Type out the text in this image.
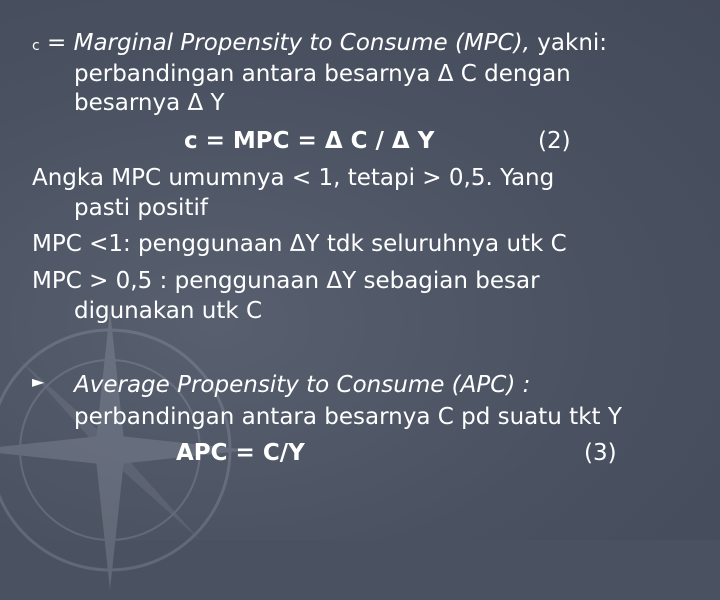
c = Marginal Propensity to Consume (MPC), yakni:
perbandingan antara besarnya Δ C dengan
besarnya Δ Y
c = MPC = Δ C / Δ Y	(2)
Angka MPC umumnya < 1, tetapi > 0,5. Yang
pasti positif
MPC <1: penggunaan ΔY tdk seluruhnya utk C
MPC > 0,5 : penggunaan ΔY sebagian besar
digunakan utk C
► Average Propensity to Consume (APC) :
perbandingan antara besarnya C pd suatu tkt Y
APC = C/Y	(3)
